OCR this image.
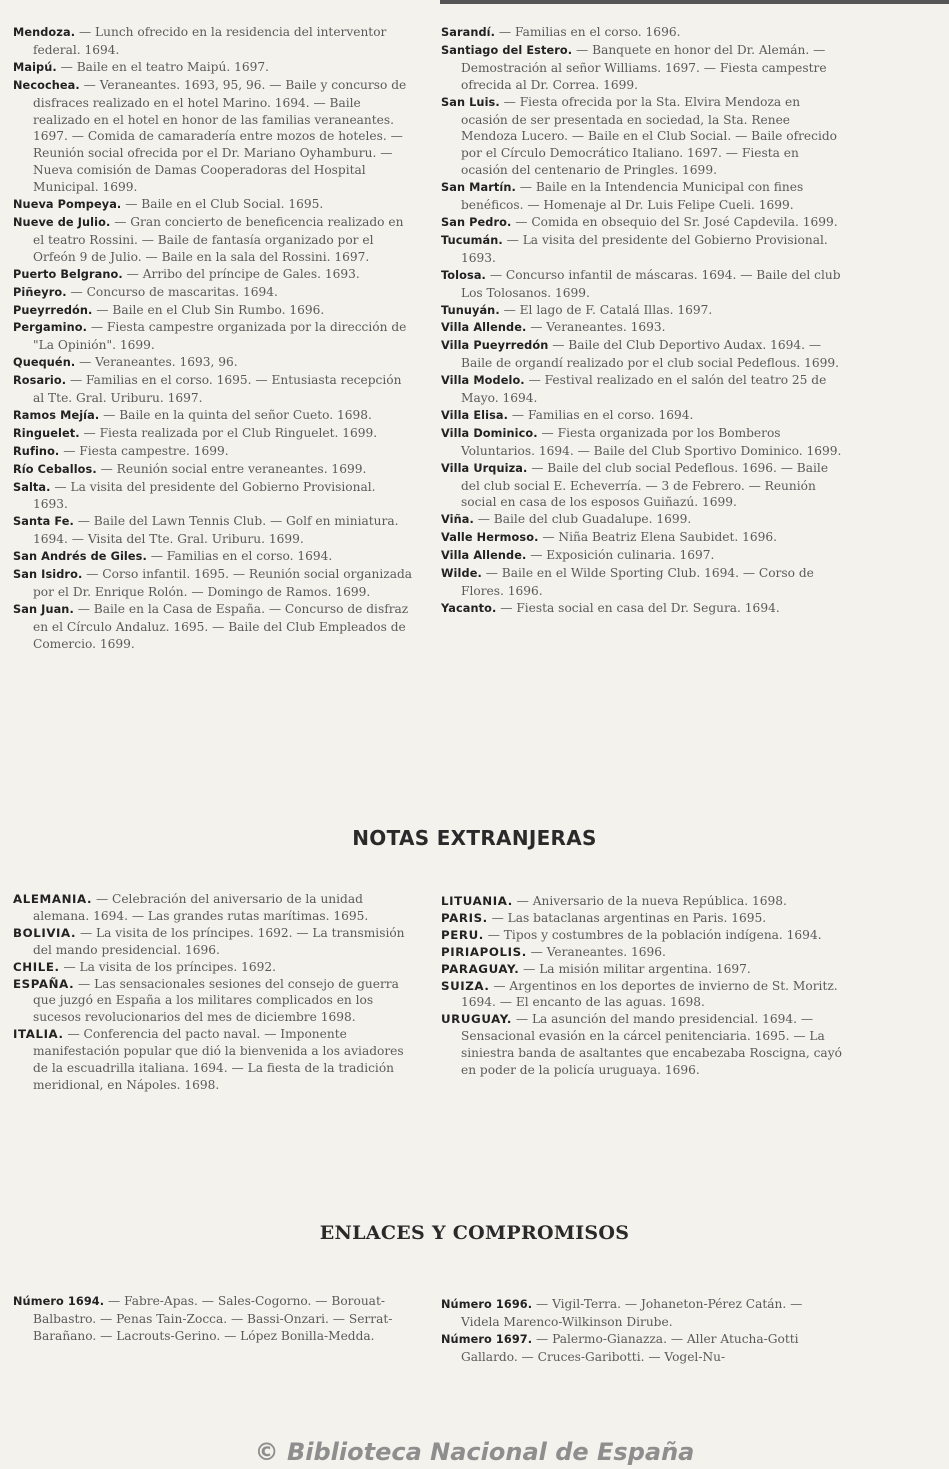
Mendoza. — Lunch ofrecido en la residencia del interventor federal. 1694.

Maipú. — Baile en el teatro Maipú. 1697.

Necochea. — Veraneantes. 1693, 95, 96. — Baile y concurso de disfraces realizado en el hotel Marino. 1694. — Baile realizado en el hotel en honor de las familias veraneantes. 1697. — Comida de camaradería entre mozos de hoteles. — Reunión social ofrecida por el Dr. Mariano Oyhamburu. — Nueva comisión de Damas Cooperadoras del Hospital Municipal. 1699.

Nueva Pompeya. — Baile en el Club Social. 1695.

Nueve de Julio. — Gran concierto de beneficencia realizado en el teatro Rossini. — Baile de fantasía organizado por el Orfeón 9 de Julio. — Baile en la sala del Rossini. 1697.

Puerto Belgrano. — Arribo del príncipe de Gales. 1693.

Piñeyro. — Concurso de mascaritas. 1694.

Pueyrredón. — Baile en el Club Sin Rumbo. 1696.

Pergamino. — Fiesta campestre organizada por la dirección de "La Opinión". 1699.

Quequén. — Veraneantes. 1693, 96.

Rosario. — Familias en el corso. 1695. — Entusiasta recepción al Tte. Gral. Uriburu. 1697.

Ramos Mejía. — Baile en la quinta del señor Cueto. 1698.

Ringuelet. — Fiesta realizada por el Club Ringuelet. 1699.

Rufino. — Fiesta campestre. 1699.

Río Ceballos. — Reunión social entre veraneantes. 1699.

Salta. — La visita del presidente del Gobierno Provisional. 1693.

Santa Fe. — Baile del Lawn Tennis Club. — Golf en miniatura. 1694. — Visita del Tte. Gral. Uriburu. 1699.

San Andrés de Giles. — Familias en el corso. 1694.

San Isidro. — Corso infantil. 1695. — Reunión social organizada por el Dr. Enrique Rolón. — Domingo de Ramos. 1699.

San Juan. — Baile en la Casa de España. — Concurso de disfraz en el Círculo Andaluz. 1695. — Baile del Club Empleados de Comercio. 1699.

Sarandí. — Familias en el corso. 1696.

Santiago del Estero. — Banquete en honor del Dr. Alemán. — Demostración al señor Williams. 1697. — Fiesta campestre ofrecida al Dr. Correa. 1699.

San Luis. — Fiesta ofrecida por la Sta. Elvira Mendoza en ocasión de ser presentada en sociedad, la Sta. Renee Mendoza Lucero. — Baile en el Club Social. — Baile ofrecido por el Círculo Democrático Italiano. 1697. — Fiesta en ocasión del centenario de Pringles. 1699.

San Martín. — Baile en la Intendencia Municipal con fines benéficos. — Homenaje al Dr. Luis Felipe Cueli. 1699.

San Pedro. — Comida en obsequio del Sr. José Capdevila. 1699.

Tucumán. — La visita del presidente del Gobierno Provisional. 1693.

Tolosa. — Concurso infantil de máscaras. 1694. — Baile del club Los Tolosanos. 1699.

Tunuyán. — El lago de F. Catalá Illas. 1697.

Villa Allende. — Veraneantes. 1693.

Villa Pueyrredón — Baile del Club Deportivo Audax. 1694. — Baile de organdí realizado por el club social Pedeflous. 1699.

Villa Modelo. — Festival realizado en el salón del teatro 25 de Mayo. 1694.

Villa Elisa. — Familias en el corso. 1694.

Villa Dominico. — Fiesta organizada por los Bomberos Voluntarios. 1694. — Baile del Club Sportivo Dominico. 1699.

Villa Urquiza. — Baile del club social Pedeflous. 1696. — Baile del club social E. Echeverría. — 3 de Febrero. — Reunión social en casa de los esposos Guiñazú. 1699.

Viña. — Baile del club Guadalupe. 1699.

Valle Hermoso. — Niña Beatriz Elena Saubidet. 1696.

Villa Allende. — Exposición culinaria. 1697.

Wilde. — Baile en el Wilde Sporting Club. 1694. — Corso de Flores. 1696.

Yacanto. — Fiesta social en casa del Dr. Segura. 1694.

NOTAS EXTRANJERAS

ALEMANIA. — Celebración del aniversario de la unidad alemana. 1694. — Las grandes rutas marítimas. 1695.

BOLIVIA. — La visita de los príncipes. 1692. — La transmisión del mando presidencial. 1696.

CHILE. — La visita de los príncipes. 1692.

ESPAÑA. — Las sensacionales sesiones del consejo de guerra que juzgó en España a los militares complicados en los sucesos revolucionarios del mes de diciembre 1698.

ITALIA. — Conferencia del pacto naval. — Imponente manifestación popular que dió la bienvenida a los aviadores de la escuadrilla italiana. 1694. — La fiesta de la tradición meridional, en Nápoles. 1698.

LITUANIA. — Aniversario de la nueva República. 1698.

PARIS. — Las bataclanas argentinas en Paris. 1695.

PERU. — Tipos y costumbres de la población indígena. 1694.

PIRIAPOLIS. — Veraneantes. 1696.

PARAGUAY. — La misión militar argentina. 1697.

SUIZA. — Argentinos en los deportes de invierno de St. Moritz. 1694. — El encanto de las aguas. 1698.

URUGUAY. — La asunción del mando presidencial. 1694. — Sensacional evasión en la cárcel penitenciaria. 1695. — La siniestra banda de asaltantes que encabezaba Roscigna, cayó en poder de la policía uruguaya. 1696.

ENLACES Y COMPROMISOS

Número 1694. — Fabre-Apas. — Sales-Cogorno. — Borouat-Balbastro. — Penas Tain-Zocca. — Bassi-Onzari. — Serrat-Barañano. — Lacrouts-Gerino. — López Bonilla-Medda.

Número 1696. — Vigil-Terra. — Johaneton-Pérez Catán. — Videla Marenco-Wilkinson Dirube.

Número 1697. — Palermo-Gianazza. — Aller Atucha-Gotti Gallardo. — Cruces-Garibotti. — Vogel-Nu-

© Biblioteca Nacional de España
